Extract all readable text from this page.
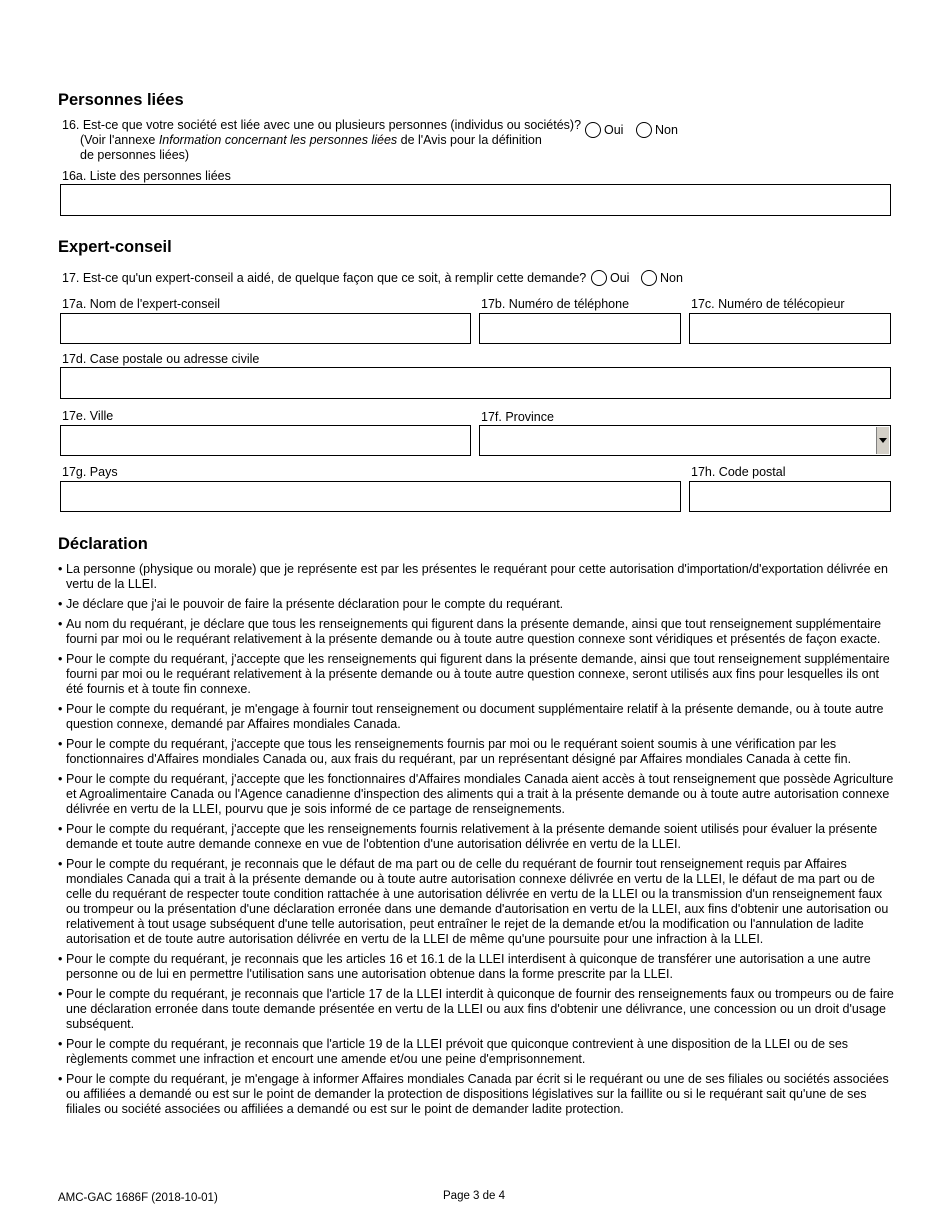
Personnes liées
16. Est-ce que votre société est liée avec une ou plusieurs personnes (individus ou sociétés)?
(Voir l'annexe Information concernant les personnes liées de l'Avis pour la définition
de personnes liées)
Oui	Non
16a. Liste des personnes liées
Expert-conseil
17. Est-ce qu'un expert-conseil a aidé, de quelque façon que ce soit, à remplir cette demande? Oui Non
17a. Nom de l'expert-conseil	17b. Numéro de téléphone	17c. Numéro de télécopieur
17d. Case postale ou adresse civile
17e. Ville	17f. Province
17g. Pays	17h. Code postal
Déclaration
• La personne (physique ou morale) que je représente est par les présentes le requérant pour cette autorisation d'importation/d'exportation délivrée en vertu de la LLEI.
• Je déclare que j'ai le pouvoir de faire la présente déclaration pour le compte du requérant.
• Au nom du requérant, je déclare que tous les renseignements qui figurent dans la présente demande, ainsi que tout renseignement supplémentaire fourni par moi ou le requérant relativement à la présente demande ou à toute autre question connexe sont véridiques et présentés de façon exacte.
• Pour le compte du requérant, j'accepte que les renseignements qui figurent dans la présente demande, ainsi que tout renseignement supplémentaire fourni par moi ou le requérant relativement à la présente demande ou à toute autre question connexe, seront utilisés aux fins pour lesquelles ils ont été fournis et à toute fin connexe.
• Pour le compte du requérant, je m'engage à fournir tout renseignement ou document supplémentaire relatif à la présente demande, ou à toute autre question connexe, demandé par Affaires mondiales Canada.
• Pour le compte du requérant, j'accepte que tous les renseignements fournis par moi ou le requérant soient soumis à une vérification par les fonctionnaires d'Affaires mondiales Canada ou, aux frais du requérant, par un représentant désigné par Affaires mondiales Canada à cette fin.
• Pour le compte du requérant, j'accepte que les fonctionnaires d'Affaires mondiales Canada aient accès à tout renseignement que possède Agriculture et Agroalimentaire Canada ou l'Agence canadienne d'inspection des aliments qui a trait à la présente demande ou à toute autre autorisation connexe délivrée en vertu de la LLEI, pourvu que je sois informé de ce partage de renseignements.
• Pour le compte du requérant, j'accepte que les renseignements fournis relativement à la présente demande soient utilisés pour évaluer la présente demande et toute autre demande connexe en vue de l'obtention d'une autorisation délivrée en vertu de la LLEI.
• Pour le compte du requérant, je reconnais que le défaut de ma part ou de celle du requérant de fournir tout renseignement requis par Affaires mondiales Canada qui a trait à la présente demande ou à toute autre autorisation connexe délivrée en vertu de la LLEI, le défaut de ma part ou de celle du requérant de respecter toute condition rattachée à une autorisation délivrée en vertu de la LLEI ou la transmission d'un renseignement faux ou trompeur ou la présentation d'une déclaration erronée dans une demande d'autorisation en vertu de la LLEI, aux fins d'obtenir une autorisation ou relativement à tout usage subséquent d'une telle autorisation, peut entraîner le rejet de la demande et/ou la modification ou l'annulation de ladite autorisation et de toute autre autorisation délivrée en vertu de la LLEI de même qu'une poursuite pour une infraction à la LLEI.
• Pour le compte du requérant, je reconnais que les articles 16 et 16.1 de la LLEI interdisent à quiconque de transférer une autorisation a une autre personne ou de lui en permettre l'utilisation sans une autorisation obtenue dans la forme prescrite par la LLEI.
• Pour le compte du requérant, je reconnais que l'article 17 de la LLEI interdit à quiconque de fournir des renseignements faux ou trompeurs ou de faire une déclaration erronée dans toute demande présentée en vertu de la LLEI ou aux fins d'obtenir une délivrance, une concession ou un droit d'usage subséquent.
• Pour le compte du requérant, je reconnais que l'article 19 de la LLEI prévoit que quiconque contrevient à une disposition de la LLEI ou de ses règlements commet une infraction et encourt une amende et/ou une peine d'emprisonnement.
• Pour le compte du requérant, je m'engage à informer Affaires mondiales Canada par écrit si le requérant ou une de ses filiales ou sociétés associées ou affiliées a demandé ou est sur le point de demander la protection de dispositions législatives sur la faillite ou si le requérant sait qu'une de ses filiales ou société associées ou affiliées a demandé ou est sur le point de demander ladite protection.
AMC-GAC 1686F (2018-10-01)	Page 3 de 4
